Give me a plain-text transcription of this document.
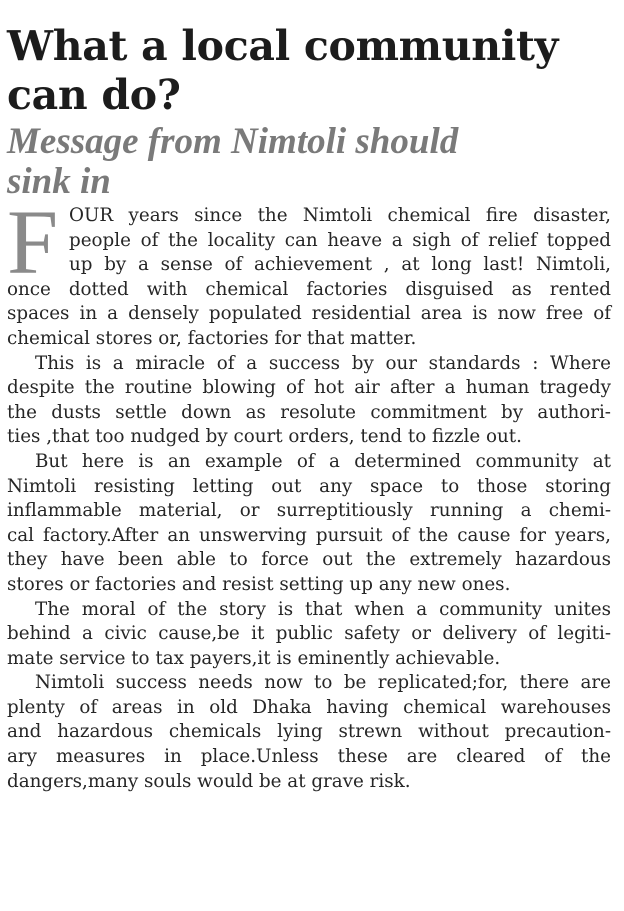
What a local community
can do?
Message from Nimtoli should
sink in
F OUR years since the Nimtoli chemical fire disaster,
people of the locality can heave a sigh of relief topped
up by a sense of achievement , at long last! Nimtoli,
once dotted with chemical factories disguised as rented
spaces in a densely populated residential area is now free of
chemical stores or, factories for that matter.

This is a miracle of a success by our standards : Where
despite the routine blowing of hot air after a human tragedy
the dusts settle down as resolute commitment by authori-
ties ,that too nudged by court orders, tend to fizzle out.

But here is an example of a determined community at
Nimtoli resisting letting out any space to those storing
inflammable material, or surreptitiously running a chemi-
cal factory.After an unswerving pursuit of the cause for years,
they have been able to force out the extremely hazardous
stores or factories and resist setting up any new ones.

The moral of the story is that when a community unites
behind a civic cause,be it public safety or delivery of legiti-
mate service to tax payers,it is eminently achievable.

Nimtoli success needs now to be replicated;for, there are
plenty of areas in old Dhaka having chemical warehouses
and hazardous chemicals lying strewn without precaution-
ary measures in place.Unless these are cleared of the
dangers,many souls would be at grave risk.
